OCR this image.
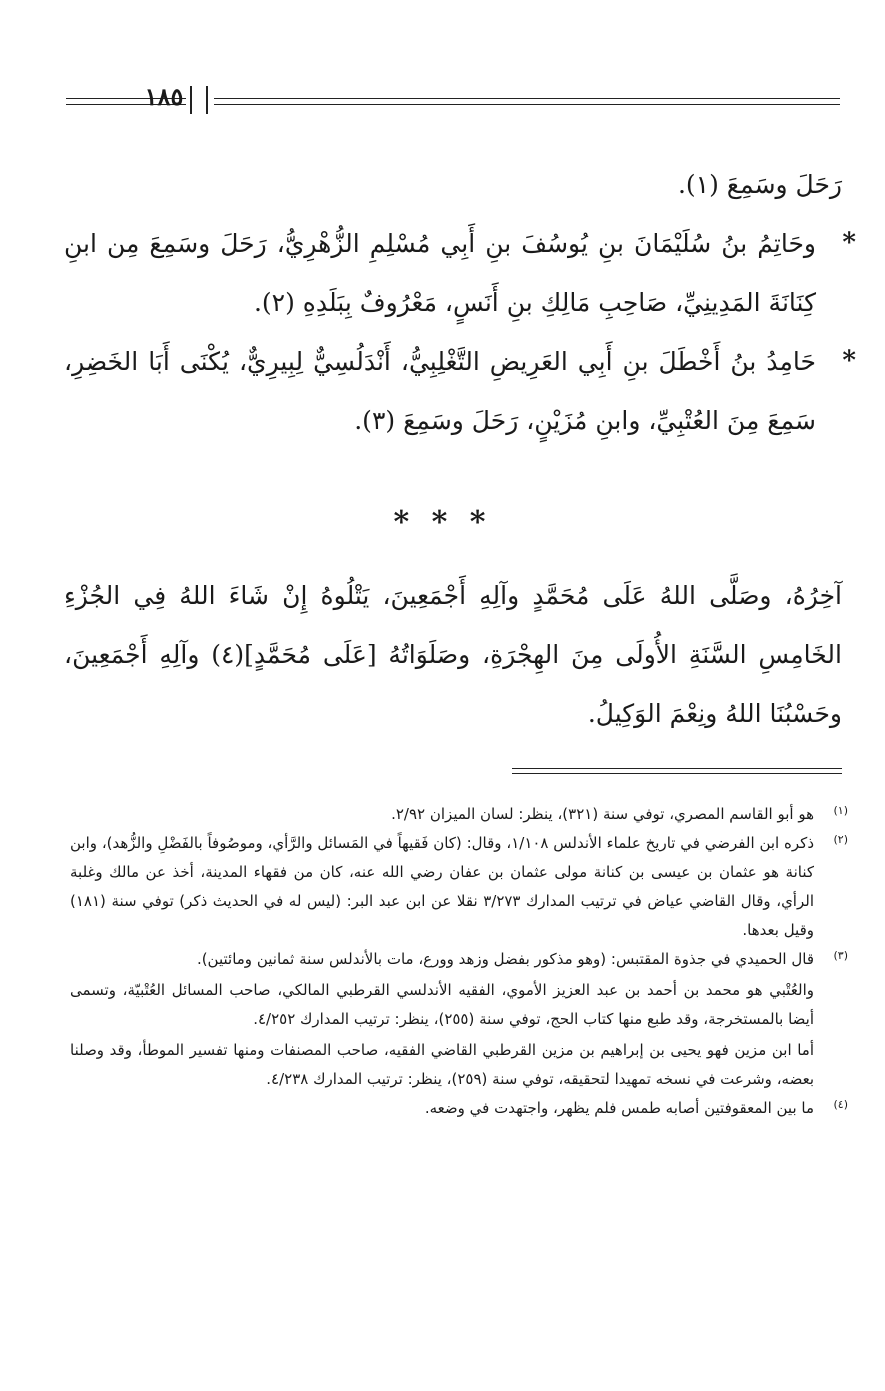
١٨٥

رَحَلَ وسَمِعَ (١).

*
وحَاتِمُ بنُ سُلَيْمَانَ بنِ يُوسُفَ بنِ أَبِي مُسْلِمِ الزُّهْرِيُّ، رَحَلَ وسَمِعَ مِن ابنِ كِنَانَةَ المَدِينِيِّ، صَاحِبِ مَالِكِ بنِ أَنَسٍ، مَعْرُوفٌ بِبَلَدِهِ (٢).

*
حَامِدُ بنُ أَخْطَلَ بنِ أَبِي العَرِيضِ التَّغْلِبِيُّ، أَنْدَلُسِيٌّ لِبِيرِيٌّ، يُكْنَى أَبَا الخَضِرِ، سَمِعَ مِنَ العُتْبِيِّ، وابنِ مُزَيْنٍ، رَحَلَ وسَمِعَ (٣).

* * *

آخِرُهُ، وصَلَّى اللهُ عَلَى مُحَمَّدٍ وآلِهِ أَجْمَعِينَ، يَتْلُوهُ إِنْ شَاءَ اللهُ فِي الجُزْءِ الخَامِسِ السَّنَةِ الأُولَى مِنَ الهِجْرَةِ، وصَلَوَاتُهُ [عَلَى مُحَمَّدٍ](٤) وآلِهِ أَجْمَعِينَ، وحَسْبُنَا اللهُ ونِعْمَ الوَكِيلُ.

(١)

هو أبو القاسم المصري، توفي سنة (٣٢١)، ينظر: لسان الميزان ٢/٩٢.

(٢)

ذكره ابن الفرضي في تاريخ علماء الأندلس ١/١٠٨، وقال: (كان فَقيهاً في المَسائل والرَّأي، وموصُوفاً بالفَضْلِ والزُّهد)، وابن كنانة هو عثمان بن عيسى بن كنانة مولى عثمان بن عفان رضي الله عنه، كان من فقهاء المدينة، أخذ عن مالك وغلبة الرأي، وقال القاضي عياض في ترتيب المدارك ٣/٢٧٣ نقلا عن ابن عبد البر: (ليس له في الحديث ذكر) توفي سنة (١٨١) وقيل بعدها.

(٣)

قال الحميدي في جذوة المقتبس: (وهو مذكور بفضل وزهد وورع، مات بالأندلس سنة ثمانين ومائتين).

والعُتْبي هو محمد بن أحمد بن عبد العزيز الأموي، الفقيه الأندلسي القرطبي المالكي، صاحب المسائل العُتْبيّة، وتسمى أيضا بالمستخرجة، وقد طبع منها كتاب الحج، توفي سنة (٢٥٥)، ينظر: ترتيب المدارك ٤/٢٥٢.

أما ابن مزين فهو يحيى بن إبراهيم بن مزين القرطبي القاضي الفقيه، صاحب المصنفات ومنها تفسير الموطأ، وقد وصلنا بعضه، وشرعت في نسخه تمهيدا لتحقيقه، توفي سنة (٢٥٩)، ينظر: ترتيب المدارك ٤/٢٣٨.

(٤)

ما بين المعقوفتين أصابه طمس فلم يظهر، واجتهدت في وضعه.
